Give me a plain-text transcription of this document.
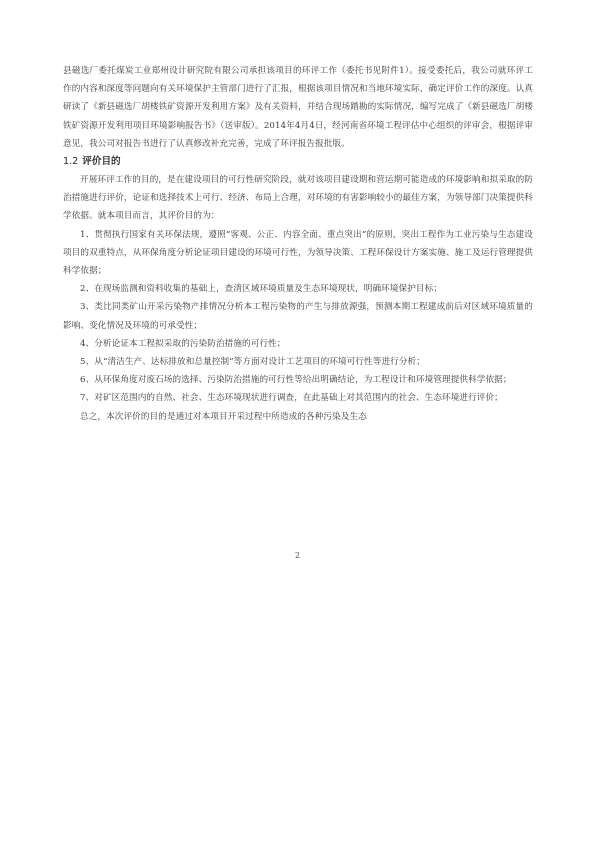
县磁选厂委托煤炭工业郑州设计研究院有限公司承担该项目的环评工作（委托书见附件1）。接受委托后，我公司就环评工作的内容和深度等问题向有关环境保护主管部门进行了汇报，根据该项目情况和当地环境实际，确定评价工作的深度。认真研读了《新县磁选厂胡楼铁矿资源开发利用方案》及有关资料，并结合现场踏勘的实际情况，编写完成了《新县磁选厂胡楼铁矿资源开发利用项目环境影响报告书》（送审版）。2014年4月4日，经河南省环境工程评估中心组织的评审会，根据评审意见，我公司对报告书进行了认真修改补充完善，完成了环评报告报批版。

1.2 评价目的

开展环评工作的目的，是在建设项目的可行性研究阶段，就对该项目建设期和营运期可能造成的环境影响和拟采取的防治措施进行评价，论证和选择技术上可行、经济、布局上合理，对环境的有害影响较小的最佳方案，为领导部门决策提供科学依据。就本项目而言，其评价目的为：

1、贯彻执行国家有关环保法规，遵照“客观、公正、内容全面、重点突出”的原则，突出工程作为工业污染与生态建设项目的双重特点，从环保角度分析论证项目建设的环境可行性，为领导决策、工程环保设计方案实施、施工及运行管理提供科学依据；

2、在现场监测和资料收集的基础上，查清区域环境质量及生态环境现状，明确环境保护目标；

3、类比同类矿山开采污染物产排情况分析本工程污染物的产生与排放源强，预测本期工程建成前后对区域环境质量的影响、变化情况及环境的可承受性；

4、分析论证本工程拟采取的污染防治措施的可行性；

5、从“清洁生产、达标排放和总量控制”等方面对设计工艺项目的环境可行性等进行分析；

6、从环保角度对废石场的选择、污染防治措施的可行性等给出明确结论，为工程设计和环境管理提供科学依据；

7、对矿区范围内的自然、社会、生态环境现状进行调查，在此基础上对其范围内的社会、生态环境进行评价；

总之，本次评价的目的是通过对本项目开采过程中所造成的各种污染及生态

2
